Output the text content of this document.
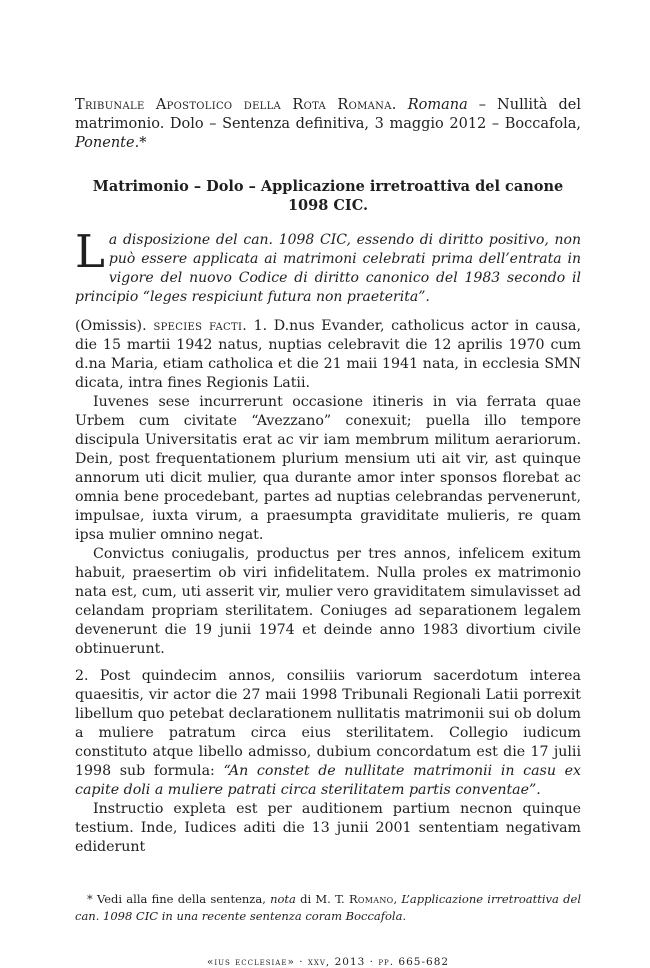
Tribunale Apostolico della Rota Romana. Romana – Nullità del matrimonio. Dolo – Sentenza definitiva, 3 maggio 2012 – Boccafola, Ponente.*

Matrimonio – Dolo – Applicazione irretroattiva del canone 1098 CIC.

La disposizione del can. 1098 CIC, essendo di diritto positivo, non può essere applicata ai matrimoni celebrati prima dell’entrata in vigore del nuovo Codice di diritto canonico del 1983 secondo il principio “leges respiciunt futura non praeterita”.

(Omissis). species facti. 1. D.nus Evander, catholicus actor in causa, die 15 martii 1942 natus, nuptias celebravit die 12 aprilis 1970 cum d.na Maria, etiam catholica et die 21 maii 1941 nata, in ecclesia SMN dicata, intra fines Regionis Latii.

Iuvenes sese incurrerunt occasione itineris in via ferrata quae Urbem cum civitate “Avezzano” conexuit; puella illo tempore discipula Universitatis erat ac vir iam membrum militum aerariorum. Dein, post frequentationem plurium mensium uti ait vir, ast quinque annorum uti dicit mulier, qua durante amor inter sponsos florebat ac omnia bene procedebant, partes ad nuptias celebrandas pervenerunt, impulsae, iuxta virum, a praesumpta graviditate mulieris, re quam ipsa mulier omnino negat.

Convictus coniugalis, productus per tres annos, infelicem exitum habuit, praesertim ob viri infidelitatem. Nulla proles ex matrimonio nata est, cum, uti asserit vir, mulier vero graviditatem simulavisset ad celandam propriam sterilitatem. Coniuges ad separationem legalem devenerunt die 19 junii 1974 et deinde anno 1983 divortium civile obtinuerunt.

2. Post quindecim annos, consiliis variorum sacerdotum interea quaesitis, vir actor die 27 maii 1998 Tribunali Regionali Latii porrexit libellum quo petebat declarationem nullitatis matrimonii sui ob dolum a muliere patratum circa eius sterilitatem. Collegio iudicum constituto atque libello admisso, dubium concordatum est die 17 julii 1998 sub formula: “An constet de nullitate matrimonii in casu ex capite doli a muliere patrati circa sterilitatem partis conventae”.

Instructio expleta est per auditionem partium necnon quinque testium. Inde, Iudices aditi die 13 junii 2001 sententiam negativam ediderunt

* Vedi alla fine della sentenza, nota di M. T. Romano, L’applicazione irretroattiva del can. 1098 CIC in una recente sentenza coram Boccafola.

«ius ecclesiae» · xxv, 2013 · pp. 665-682
